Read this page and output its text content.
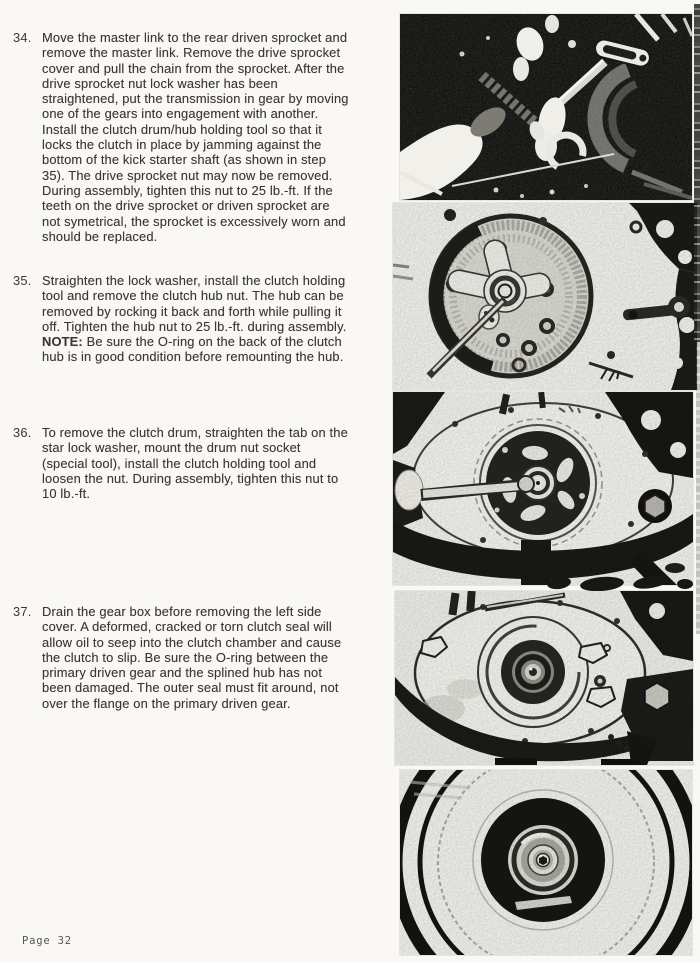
34. Move the master link to the rear driven sprocket and remove the master link. Remove the drive sprocket cover and pull the chain from the sprocket. After the drive sprocket nut lock washer has been straightened, put the transmission in gear by moving one of the gears into engagement with another. Install the clutch drum/hub holding tool so that it locks the clutch in place by jamming against the bottom of the kick starter shaft (as shown in step 35). The drive sprocket nut may now be removed. During assembly, tighten this nut to 25 lb.-ft. If the teeth on the drive sprocket or driven sprocket are not symetrical, the sprocket is excessively worn and should be replaced.

35. Straighten the lock washer, install the clutch holding tool and remove the clutch hub nut. The hub can be removed by rocking it back and forth while pulling it off. Tighten the hub nut to 25 lb.-ft. during assembly. NOTE: Be sure the O-ring on the back of the clutch hub is in good condition before remounting the hub.

36. To remove the clutch drum, straighten the tab on the star lock washer, mount the drum nut socket (special tool), install the clutch holding tool and loosen the nut. During assembly, tighten this nut to 10 lb.-ft.

37. Drain the gear box before removing the left side cover. A deformed, cracked or torn clutch seal will allow oil to seep into the clutch chamber and cause the clutch to slip. Be sure the O-ring between the primary driven gear and the splined hub has not been damaged. The outer seal must fit around, not over the flange on the primary driven gear.

Page 32
